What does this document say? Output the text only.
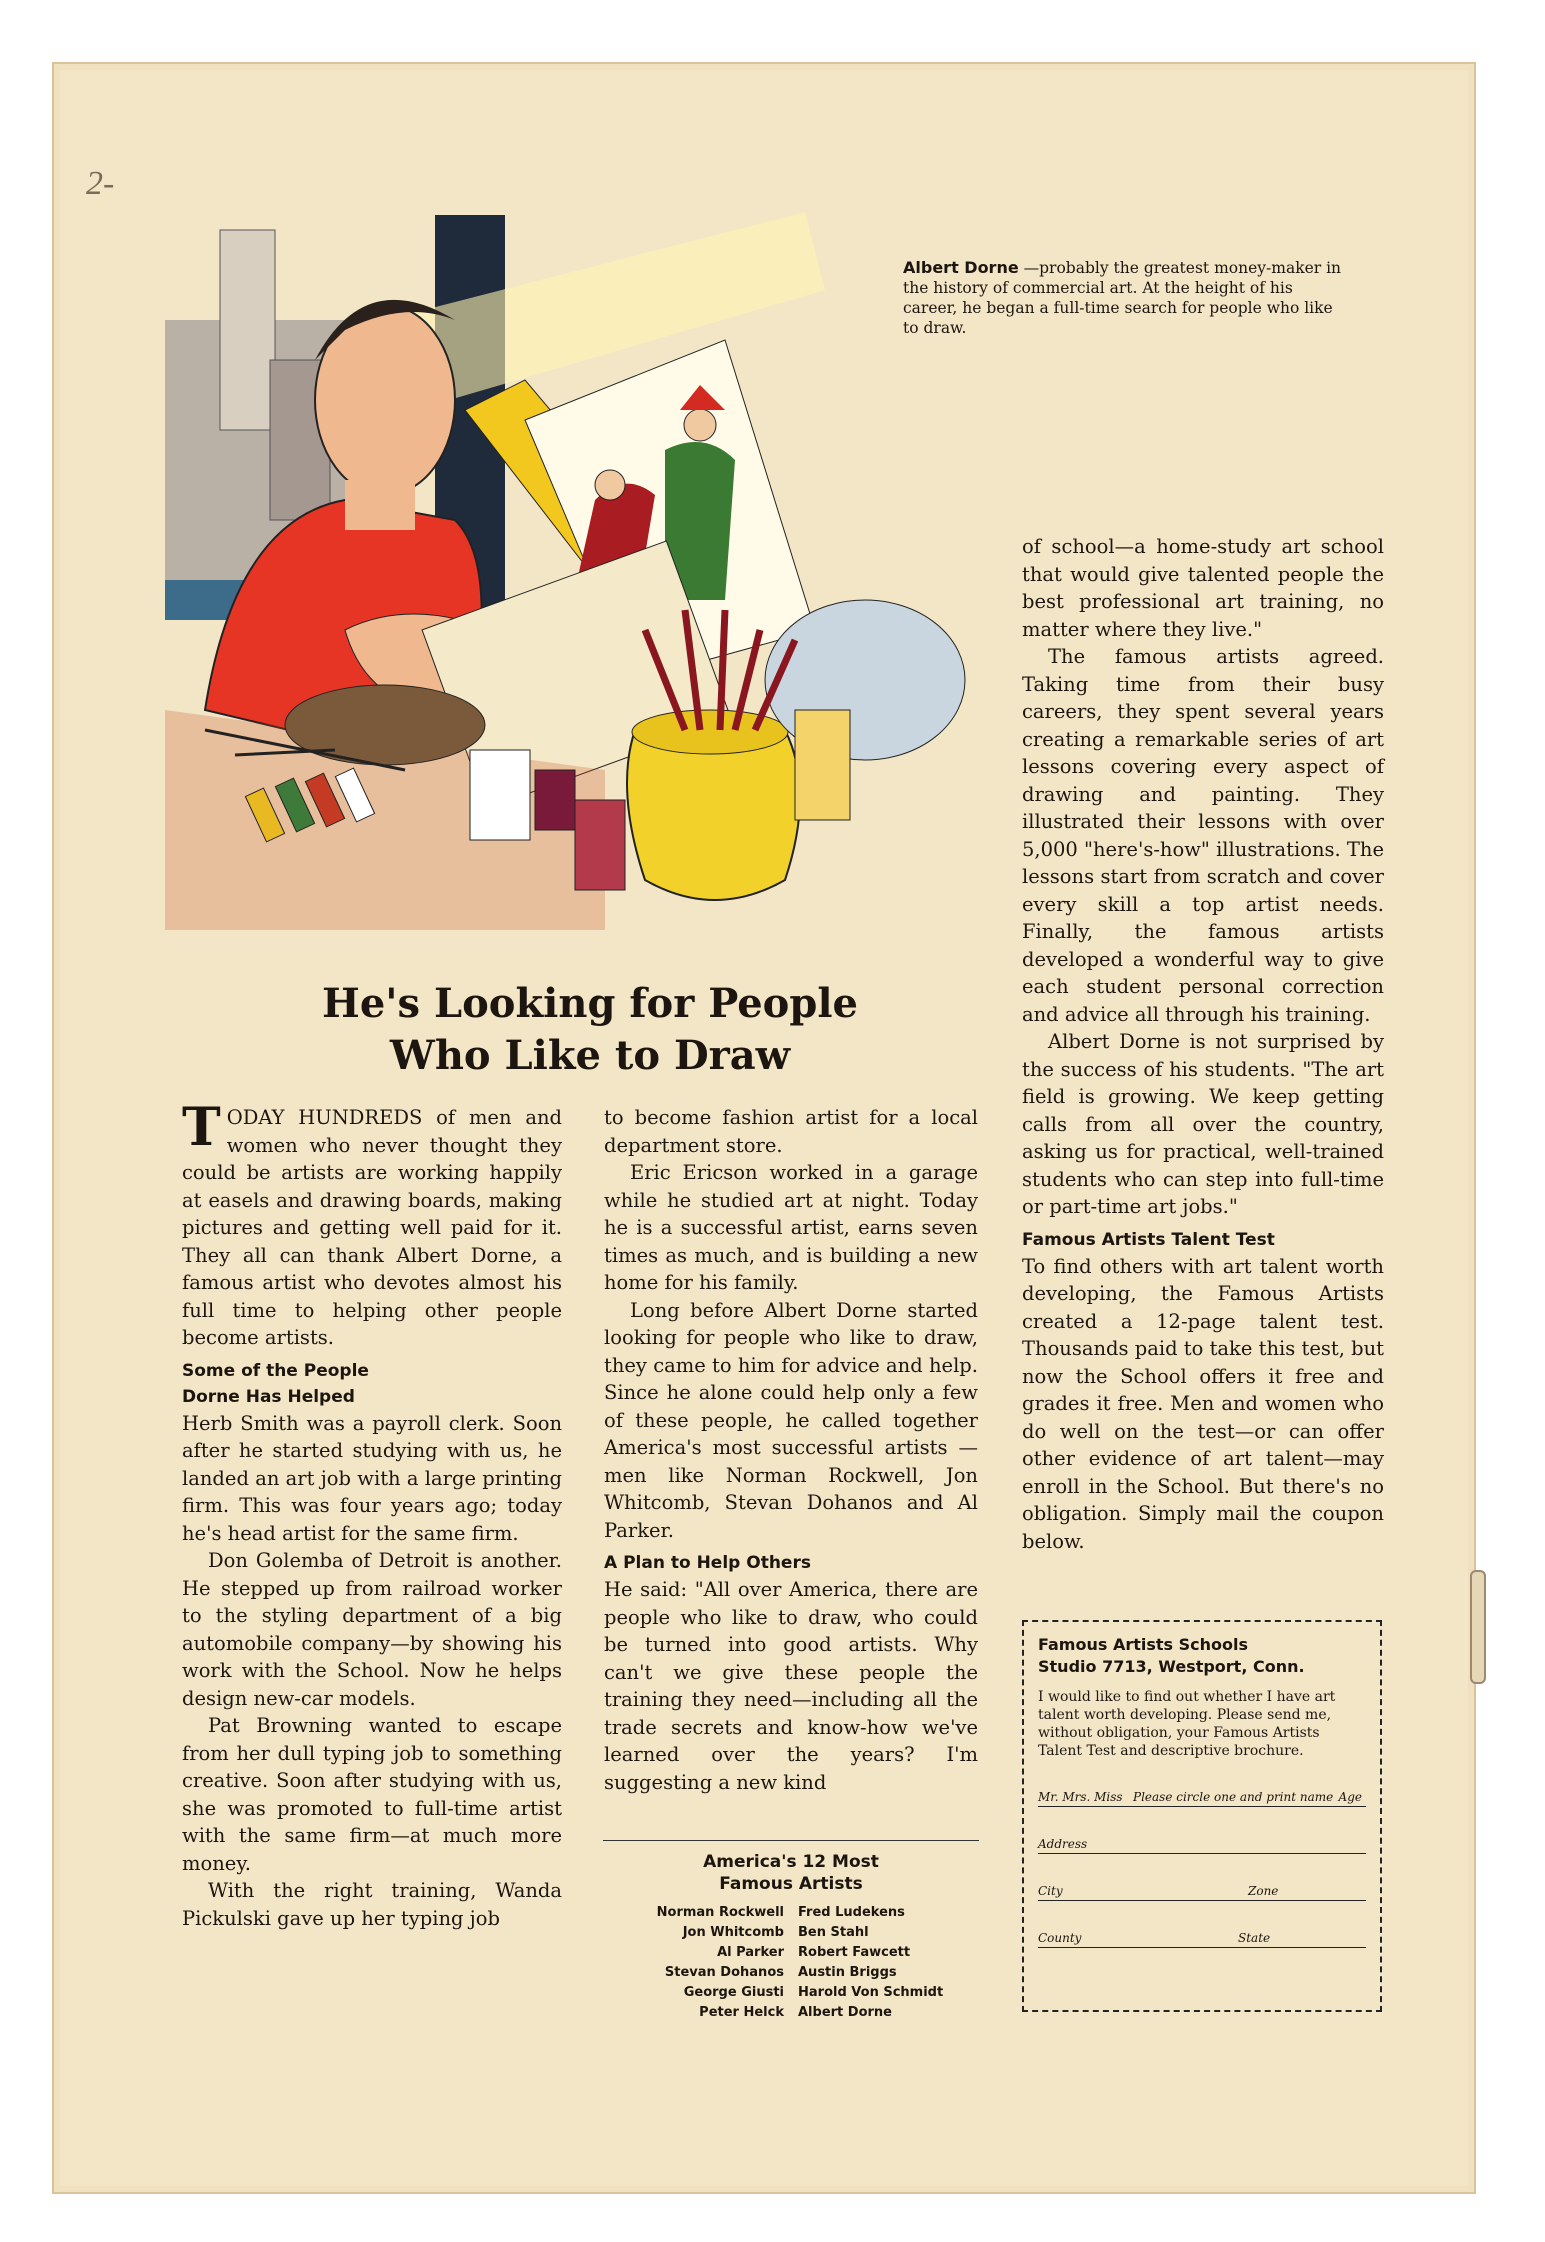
2-
Albert Dorne —probably the greatest money-maker in the history of commercial art. At the height of his career, he began a full-time search for people who like to draw.
He's Looking for People
Who Like to Draw

TODAY HUNDREDS of men and women who never thought they could be artists are working happily at easels and drawing boards, making pictures and getting well paid for it. They all can thank Albert Dorne, a famous artist who devotes almost his full time to helping other people become artists.

Some of the People
Dorne Has Helped

Herb Smith was a payroll clerk. Soon after he started studying with us, he landed an art job with a large printing firm. This was four years ago; today he's head artist for the same firm.

Don Golemba of Detroit is another. He stepped up from railroad worker to the styling department of a big automobile company—by showing his work with the School. Now he helps design new-car models.

Pat Browning wanted to escape from her dull typing job to something creative. Soon after studying with us, she was promoted to full-time artist with the same firm—at much more money.

With the right training, Wanda Pickulski gave up her typing job

to become fashion artist for a local department store.

Eric Ericson worked in a garage while he studied art at night. Today he is a successful artist, earns seven times as much, and is building a new home for his family.

Long before Albert Dorne started looking for people who like to draw, they came to him for advice and help. Since he alone could help only a few of these people, he called together America's most successful artists —men like Norman Rockwell, Jon Whitcomb, Stevan Dohanos and Al Parker.

A Plan to Help Others

He said: "All over America, there are people who like to draw, who could be turned into good artists. Why can't we give these people the training they need—including all the trade secrets and know-how we've learned over the years? I'm suggesting a new kind

America's 12 Most
Famous Artists
Norman Rockwell Fred Ludekens
Jon Whitcomb Ben Stahl
Al Parker Robert Fawcett
Stevan Dohanos Austin Briggs
George Giusti Harold Von Schmidt
Peter Helck Albert Dorne

of school—a home-study art school that would give talented people the best professional art training, no matter where they live."

The famous artists agreed. Taking time from their busy careers, they spent several years creating a remarkable series of art lessons covering every aspect of drawing and painting. They illustrated their lessons with over 5,000 "here's-how" illustrations. The lessons start from scratch and cover every skill a top artist needs. Finally, the famous artists developed a wonderful way to give each student personal correction and advice all through his training.

Albert Dorne is not surprised by the success of his students. "The art field is growing. We keep getting calls from all over the country, asking us for practical, well-trained students who can step into full-time or part-time art jobs."

Famous Artists Talent Test

To find others with art talent worth developing, the Famous Artists created a 12-page talent test. Thousands paid to take this test, but now the School offers it free and grades it free. Men and women who do well on the test—or can offer other evidence of art talent—may enroll in the School. But there's no obligation. Simply mail the coupon below.

Famous Artists Schools
Studio 7713, Westport, Conn.
I would like to find out whether I have art talent worth developing. Please send me, without obligation, your Famous Artists Talent Test and descriptive brochure.
Mr. Mrs. Miss Please circle one and print name Age
Address
City	Zone
County	State
